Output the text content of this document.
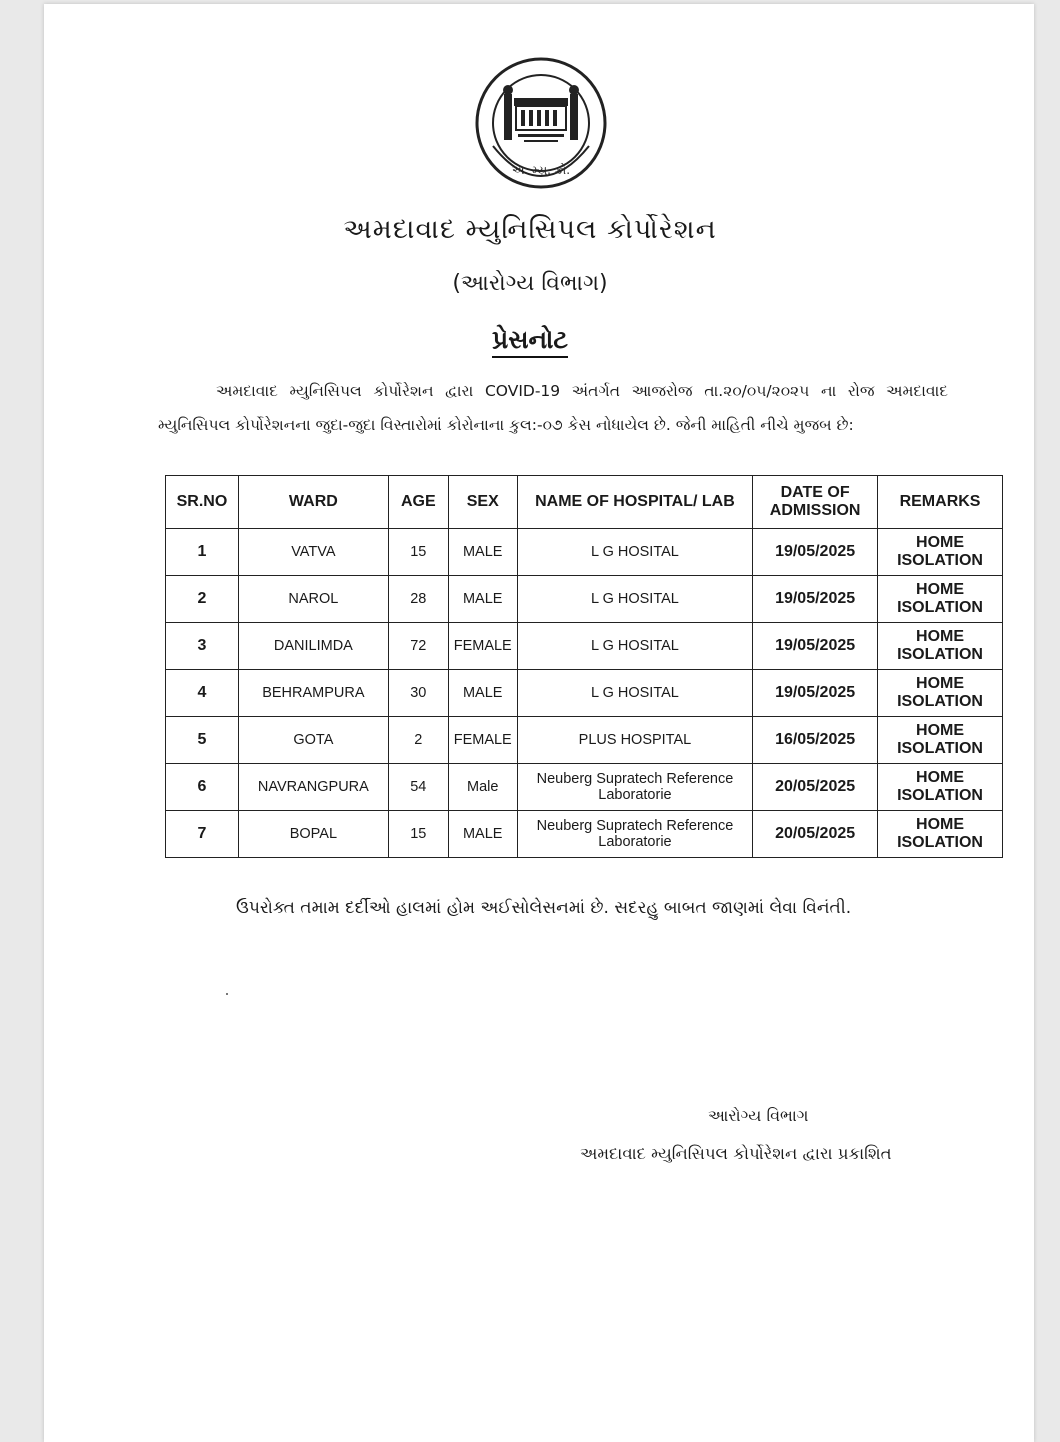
અ. મ્યુ. કો.
અમદાવાદ મ્યુનિસિપલ કોર્પોરેશન
(આરોગ્ય વિભાગ)
પ્રેસનોટ
અમદાવાદ મ્યુનિસિપલ કોર્પોરેશન દ્વારા COVID-19 અંતર્ગત આજરોજ તા.૨૦/૦૫/૨૦૨૫ ના રોજ અમદાવાદ મ્યુનિસિપલ કોર્પોરેશનના જુદા-જુદા વિસ્તારોમાં કોરોનાના કુલ:-૦૭ કેસ નોધાયેલ છે. જેની માહિતી નીચે મુજબ છે:
SR.NO	WARD	AGE	SEX	NAME OF HOSPITAL/ LAB	DATE OF ADMISSION	REMARKS
1	VATVA	15	MALE	L G HOSITAL	19/05/2025	HOME ISOLATION
2	NAROL	28	MALE	L G HOSITAL	19/05/2025	HOME ISOLATION
3	DANILIMDA	72	FEMALE	L G HOSITAL	19/05/2025	HOME ISOLATION
4	BEHRAMPURA	30	MALE	L G HOSITAL	19/05/2025	HOME ISOLATION
5	GOTA	2	FEMALE	PLUS HOSPITAL	16/05/2025	HOME ISOLATION
6	NAVRANGPURA	54	Male	Neuberg Supratech Reference Laboratorie	20/05/2025	HOME ISOLATION
7	BOPAL	15	MALE	Neuberg Supratech Reference Laboratorie	20/05/2025	HOME ISOLATION
ઉપરોક્ત તમામ દર્દીઓ હાલમાં હોમ અઈસોલેસનમાં છે. સદરહુ બાબત જાણમાં લેવા વિનંતી.
આરોગ્ય વિભાગ
અમદાવાદ મ્યુનિસિપલ કોર્પોરેશન દ્વારા પ્રકાશિત
